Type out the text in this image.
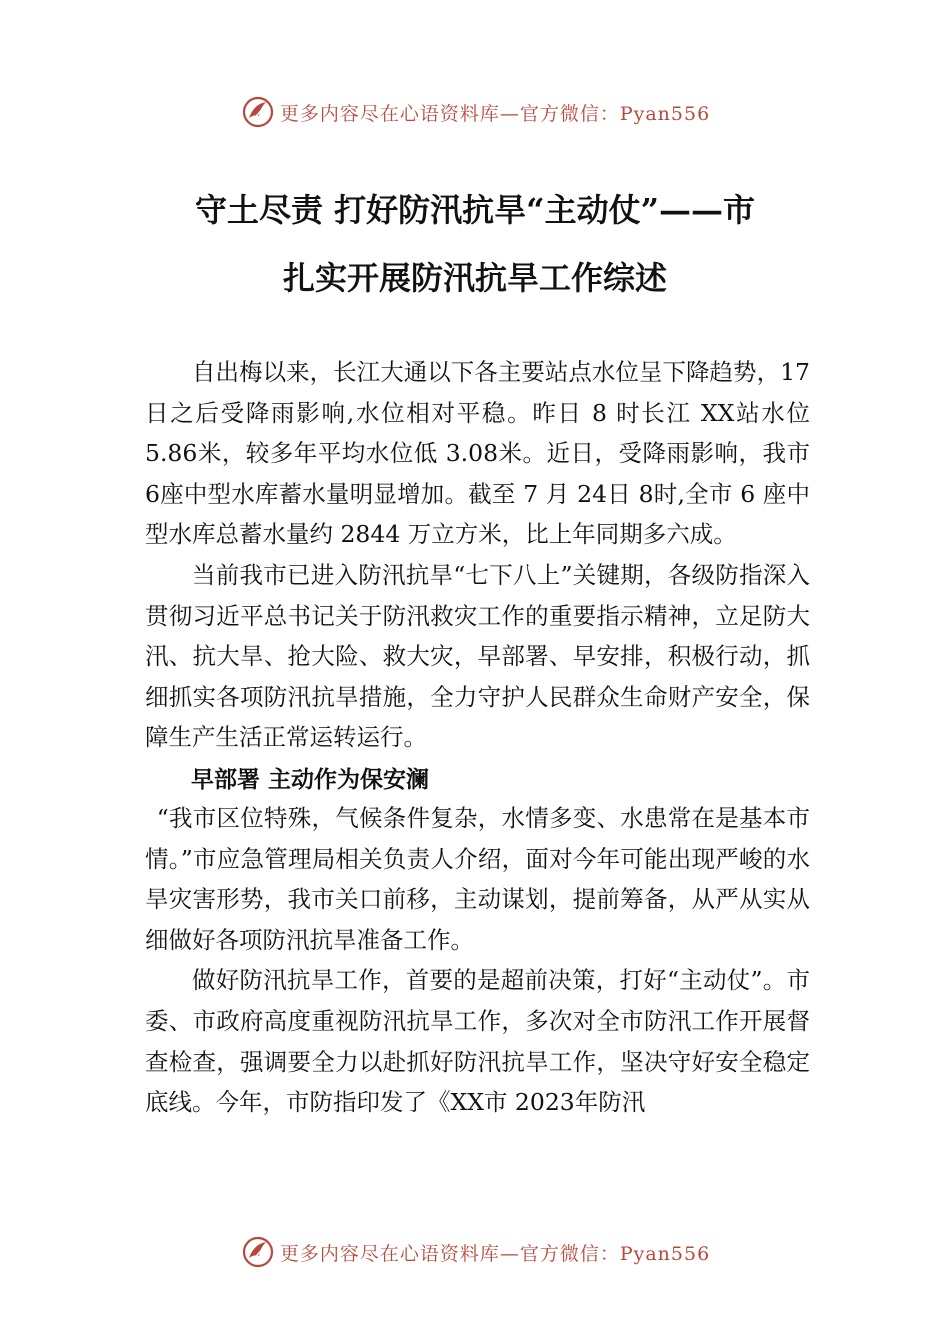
更多内容尽在心语资料库—官方微信：Pyan556
守土尽责 打好防汛抗旱“主动仗”——市
扎实开展防汛抗旱工作综述

自出梅以来，长江大通以下各主要站点水位呈下降趋势，17日之后受降雨影响,水位相对平稳。昨日 8 时长江 XX站水位 5.86米，较多年平均水位低 3.08米。近日，受降雨影响，我市 6座中型水库蓄水量明显增加。截至 7 月 24日 8时,全市 6 座中型水库总蓄水量约 2844 万立方米，比上年同期多六成。

当前我市已进入防汛抗旱“七下八上”关键期，各级防指深入贯彻习近平总书记关于防汛救灾工作的重要指示精神，立足防大汛、抗大旱、抢大险、救大灾，早部署、早安排，积极行动，抓细抓实各项防汛抗旱措施，全力守护人民群众生命财产安全，保障生产生活正常运转运行。

早部署 主动作为保安澜

“我市区位特殊，气候条件复杂，水情多变、水患常在是基本市情。”市应急管理局相关负责人介绍，面对今年可能出现严峻的水旱灾害形势，我市关口前移，主动谋划，提前筹备，从严从实从细做好各项防汛抗旱准备工作。

做好防汛抗旱工作，首要的是超前决策，打好“主动仗”。市委、市政府高度重视防汛抗旱工作，多次对全市防汛工作开展督查检查，强调要全力以赴抓好防汛抗旱工作，坚决守好安全稳定底线。今年，市防指印发了《XX市 2023年防汛

更多内容尽在心语资料库—官方微信：Pyan556
